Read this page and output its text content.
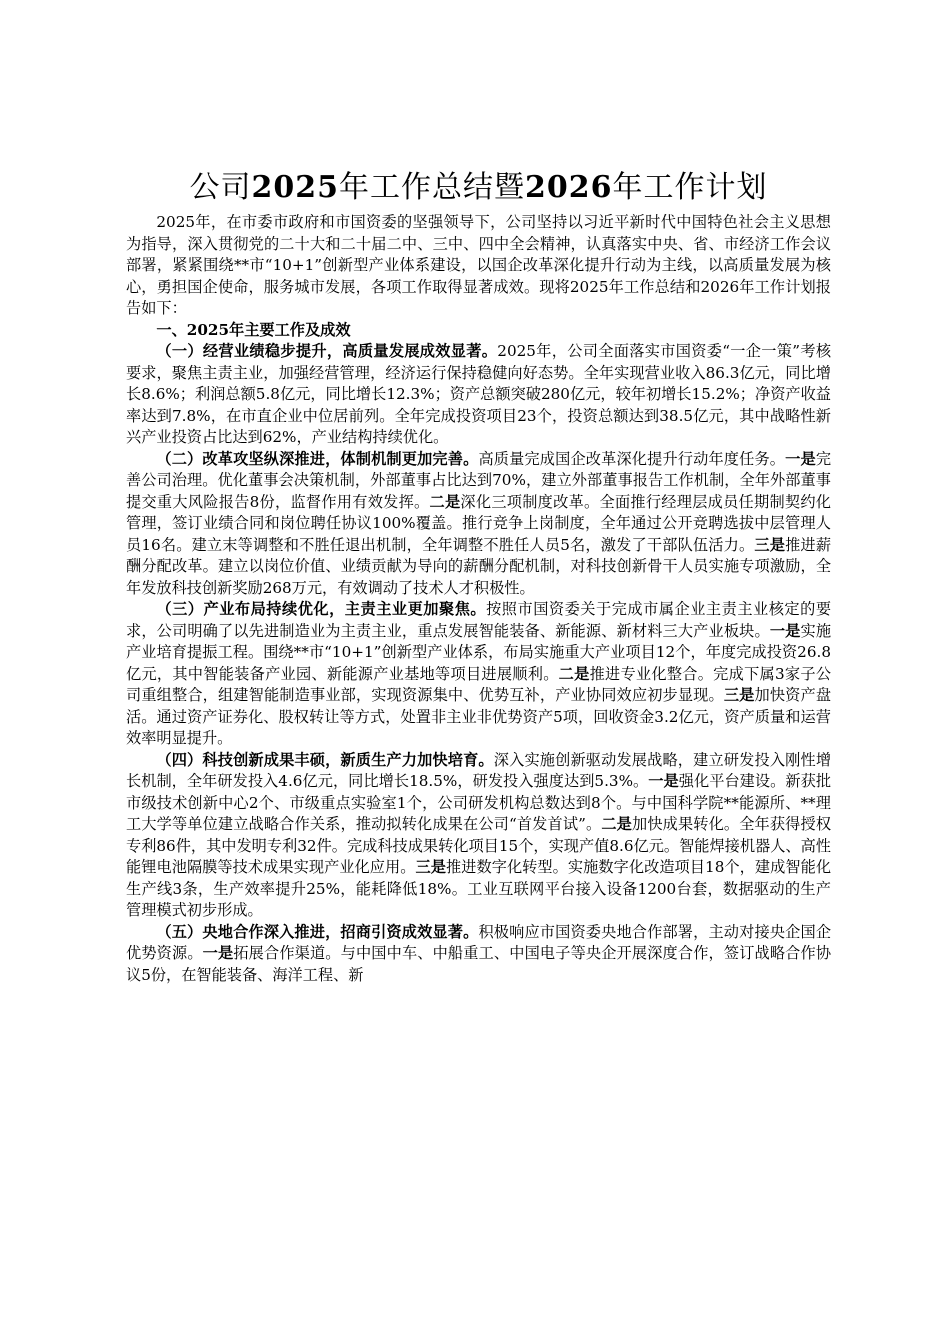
公司2025年工作总结暨2026年工作计划

2025年，在市委市政府和市国资委的坚强领导下，公司坚持以习近平新时代中国特色社会主义思想为指导，深入贯彻党的二十大和二十届二中、三中、四中全会精神，认真落实中央、省、市经济工作会议部署，紧紧围绕**市“10+1”创新型产业体系建设，以国企改革深化提升行动为主线，以高质量发展为核心，勇担国企使命，服务城市发展，各项工作取得显著成效。现将2025年工作总结和2026年工作计划报告如下：

一、2025年主要工作及成效

（一）经营业绩稳步提升，高质量发展成效显著。2025年，公司全面落实市国资委“一企一策”考核要求，聚焦主责主业，加强经营管理，经济运行保持稳健向好态势。全年实现营业收入86.3亿元，同比增长8.6%；利润总额5.8亿元，同比增长12.3%；资产总额突破280亿元，较年初增长15.2%；净资产收益率达到7.8%，在市直企业中位居前列。全年完成投资项目23个，投资总额达到38.5亿元，其中战略性新兴产业投资占比达到62%，产业结构持续优化。

（二）改革攻坚纵深推进，体制机制更加完善。高质量完成国企改革深化提升行动年度任务。一是完善公司治理。优化董事会决策机制，外部董事占比达到70%，建立外部董事报告工作机制，全年外部董事提交重大风险报告8份，监督作用有效发挥。二是深化三项制度改革。全面推行经理层成员任期制契约化管理，签订业绩合同和岗位聘任协议100%覆盖。推行竞争上岗制度，全年通过公开竞聘选拔中层管理人员16名。建立末等调整和不胜任退出机制，全年调整不胜任人员5名，激发了干部队伍活力。三是推进薪酬分配改革。建立以岗位价值、业绩贡献为导向的薪酬分配机制，对科技创新骨干人员实施专项激励，全年发放科技创新奖励268万元，有效调动了技术人才积极性。

（三）产业布局持续优化，主责主业更加聚焦。按照市国资委关于完成市属企业主责主业核定的要求，公司明确了以先进制造业为主责主业，重点发展智能装备、新能源、新材料三大产业板块。一是实施产业培育提振工程。围绕**市“10+1”创新型产业体系，布局实施重大产业项目12个，年度完成投资26.8亿元，其中智能装备产业园、新能源产业基地等项目进展顺利。二是推进专业化整合。完成下属3家子公司重组整合，组建智能制造事业部，实现资源集中、优势互补，产业协同效应初步显现。三是加快资产盘活。通过资产证券化、股权转让等方式，处置非主业非优势资产5项，回收资金3.2亿元，资产质量和运营效率明显提升。

（四）科技创新成果丰硕，新质生产力加快培育。深入实施创新驱动发展战略，建立研发投入刚性增长机制，全年研发投入4.6亿元，同比增长18.5%，研发投入强度达到5.3%。一是强化平台建设。新获批市级技术创新中心2个、市级重点实验室1个，公司研发机构总数达到8个。与中国科学院**能源所、**理工大学等单位建立战略合作关系，推动拟转化成果在公司“首发首试”。二是加快成果转化。全年获得授权专利86件，其中发明专利32件。完成科技成果转化项目15个，实现产值8.6亿元。智能焊接机器人、高性能锂电池隔膜等技术成果实现产业化应用。三是推进数字化转型。实施数字化改造项目18个，建成智能化生产线3条，生产效率提升25%，能耗降低18%。工业互联网平台接入设备1200台套，数据驱动的生产管理模式初步形成。

（五）央地合作深入推进，招商引资成效显著。积极响应市国资委央地合作部署，主动对接央企国企优势资源。一是拓展合作渠道。与中国中车、中船重工、中国电子等央企开展深度合作，签订战略合作协议5份，在智能装备、海洋工程、新
